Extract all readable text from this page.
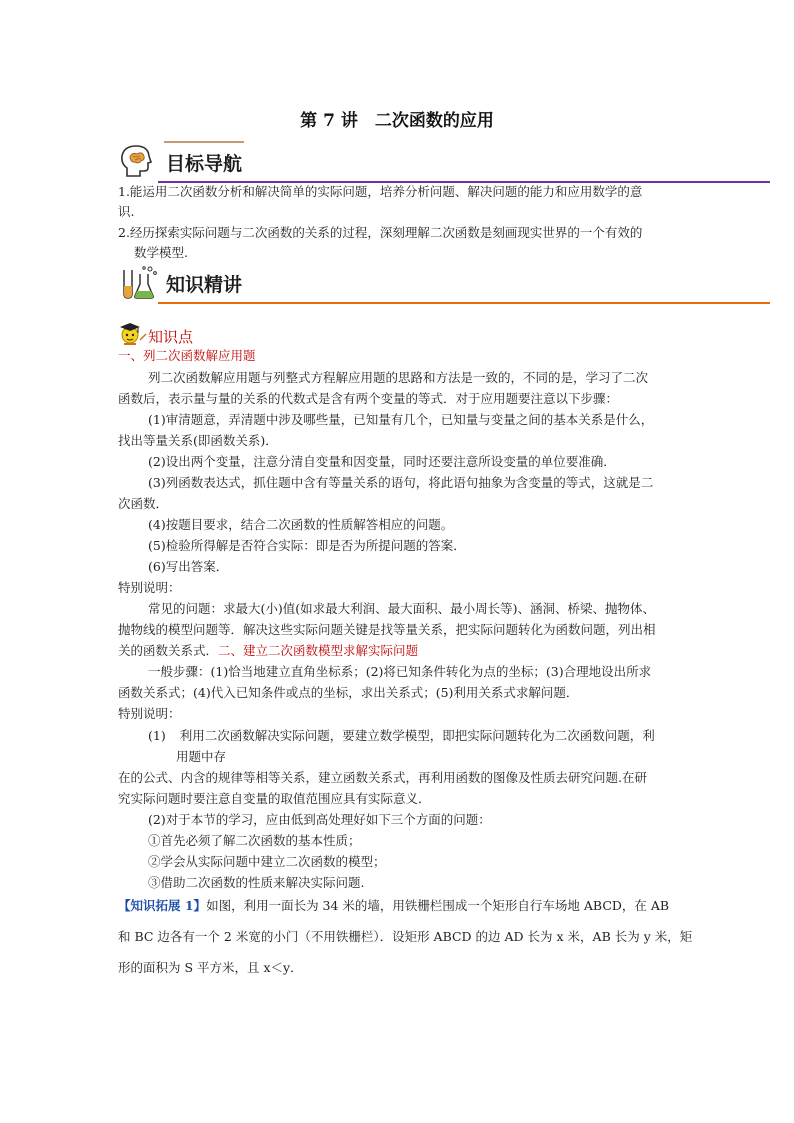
第 7 讲　二次函数的应用
目标导航
1.能运用二次函数分析和解决简单的实际问题，培养分析问题、解决问题的能力和应用数学的意
识.
2.经历探索实际问题与二次函数的关系的过程，深刻理解二次函数是刻画现实世界的一个有效的
数学模型.
知识精讲
知识点
一、列二次函数解应用题
列二次函数解应用题与列整式方程解应用题的思路和方法是一致的，不同的是，学习了二次
函数后，表示量与量的关系的代数式是含有两个变量的等式．对于应用题要注意以下步骤：
(1)审清题意，弄清题中涉及哪些量，已知量有几个，已知量与变量之间的基本关系是什么，
找出等量关系(即函数关系)．
(2)设出两个变量，注意分清自变量和因变量，同时还要注意所设变量的单位要准确．
(3)列函数表达式，抓住题中含有等量关系的语句，将此语句抽象为含变量的等式，这就是二
次函数．
(4)按题目要求，结合二次函数的性质解答相应的问题。
(5)检验所得解是否符合实际：即是否为所提问题的答案．
(6)写出答案．
特别说明：
常见的问题：求最大(小)值(如求最大利润、最大面积、最小周长等)、涵洞、桥梁、抛物体、
抛物线的模型问题等．解决这些实际问题关键是找等量关系，把实际问题转化为函数问题，列出相
关的函数关系式．二、建立二次函数模型求解实际问题
一般步骤：(1)恰当地建立直角坐标系；(2)将已知条件转化为点的坐标；(3)合理地设出所求
函数关系式；(4)代入已知条件或点的坐标，求出关系式；(5)利用关系式求解问题．
特别说明：
(1) 利用二次函数解决实际问题，要建立数学模型，即把实际问题转化为二次函数问题，利
用题中存
在的公式、内含的规律等相等关系，建立函数关系式，再利用函数的图像及性质去研究问题.在研
究实际问题时要注意自变量的取值范围应具有实际意义．
(2)对于本节的学习，应由低到高处理好如下三个方面的问题：
①首先必须了解二次函数的基本性质；
②学会从实际问题中建立二次函数的模型；
③借助二次函数的性质来解决实际问题.
【知识拓展 1】如图，利用一面长为 34 米的墙，用铁栅栏围成一个矩形自行车场地 ABCD，在 AB
和 BC 边各有一个 2 米宽的小门（不用铁栅栏）．设矩形 ABCD 的边 AD 长为 x 米，AB 长为 y 米，矩
形的面积为 S 平方米，且 x＜y．
